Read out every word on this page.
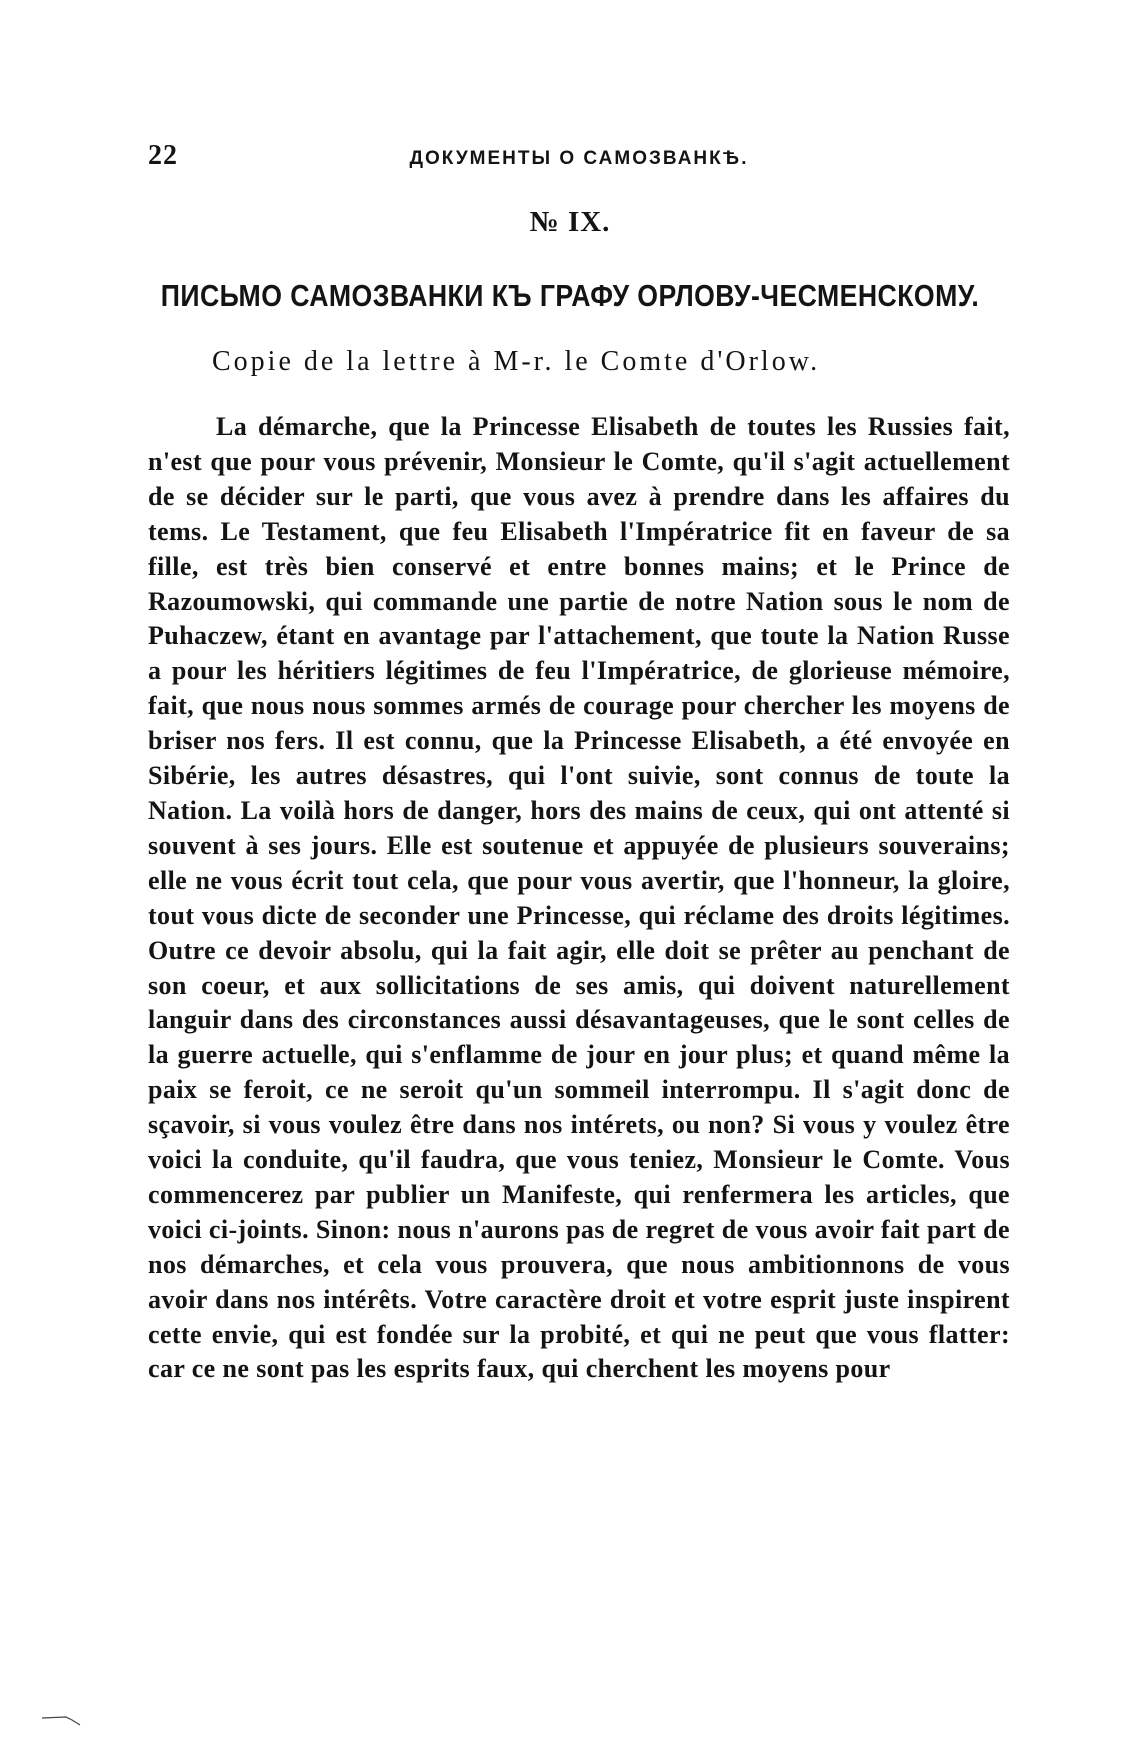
22	ДОКУМЕНТЫ О САМОЗВАНКѢ.
№ IX.
ПИСЬМО САМОЗВАНКИ КЪ ГРАФУ ОРЛОВУ-ЧЕСМЕНСКОМУ.
Copie de la lettre à M-r. le Comte d'Orlow.

La démarche, que la Princesse Elisabeth de toutes les Russies fait, n'est que pour vous prévenir, Monsieur le Comte, qu'il s'agit actuellement de se décider sur le parti, que vous avez à prendre dans les affaires du tems. Le Testament, que feu Elisabeth l'Impératrice fit en faveur de sa fille, est très bien conservé et entre bonnes mains; et le Prince de Razoumowski, qui commande une partie de notre Nation sous le nom de Puhaczew, étant en avantage par l'attachement, que toute la Nation Russe a pour les héritiers légitimes de feu l'Impératrice, de glorieuse mémoire, fait, que nous nous sommes armés de courage pour chercher les moyens de briser nos fers. Il est connu, que la Princesse Elisabeth, a été envoyée en Sibérie, les autres désastres, qui l'ont suivie, sont connus de toute la Nation. La voilà hors de danger, hors des mains de ceux, qui ont attenté si souvent à ses jours. Elle est soutenue et appuyée de plusieurs souverains; elle ne vous écrit tout cela, que pour vous avertir, que l'honneur, la gloire, tout vous dicte de seconder une Princesse, qui réclame des droits légitimes. Outre ce devoir absolu, qui la fait agir, elle doit se prêter au penchant de son coeur, et aux sollicitations de ses amis, qui doivent naturellement languir dans des circonstances aussi désavantageuses, que le sont celles de la guerre actuelle, qui s'enflamme de jour en jour plus; et quand même la paix se feroit, ce ne seroit qu'un sommeil interrompu. Il s'agit donc de sçavoir, si vous voulez être dans nos intérets, ou non? Si vous y voulez être voici la conduite, qu'il faudra, que vous teniez, Monsieur le Comte. Vous commencerez par publier un Manifeste, qui renfermera les articles, que voici ci-joints. Sinon: nous n'aurons pas de regret de vous avoir fait part de nos démarches, et cela vous prouvera, que nous ambitionnons de vous avoir dans nos intérêts. Votre caractère droit et votre esprit juste inspirent cette envie, qui est fondée sur la probité, et qui ne peut que vous flatter: car ce ne sont pas les esprits faux, qui cherchent les moyens pour
